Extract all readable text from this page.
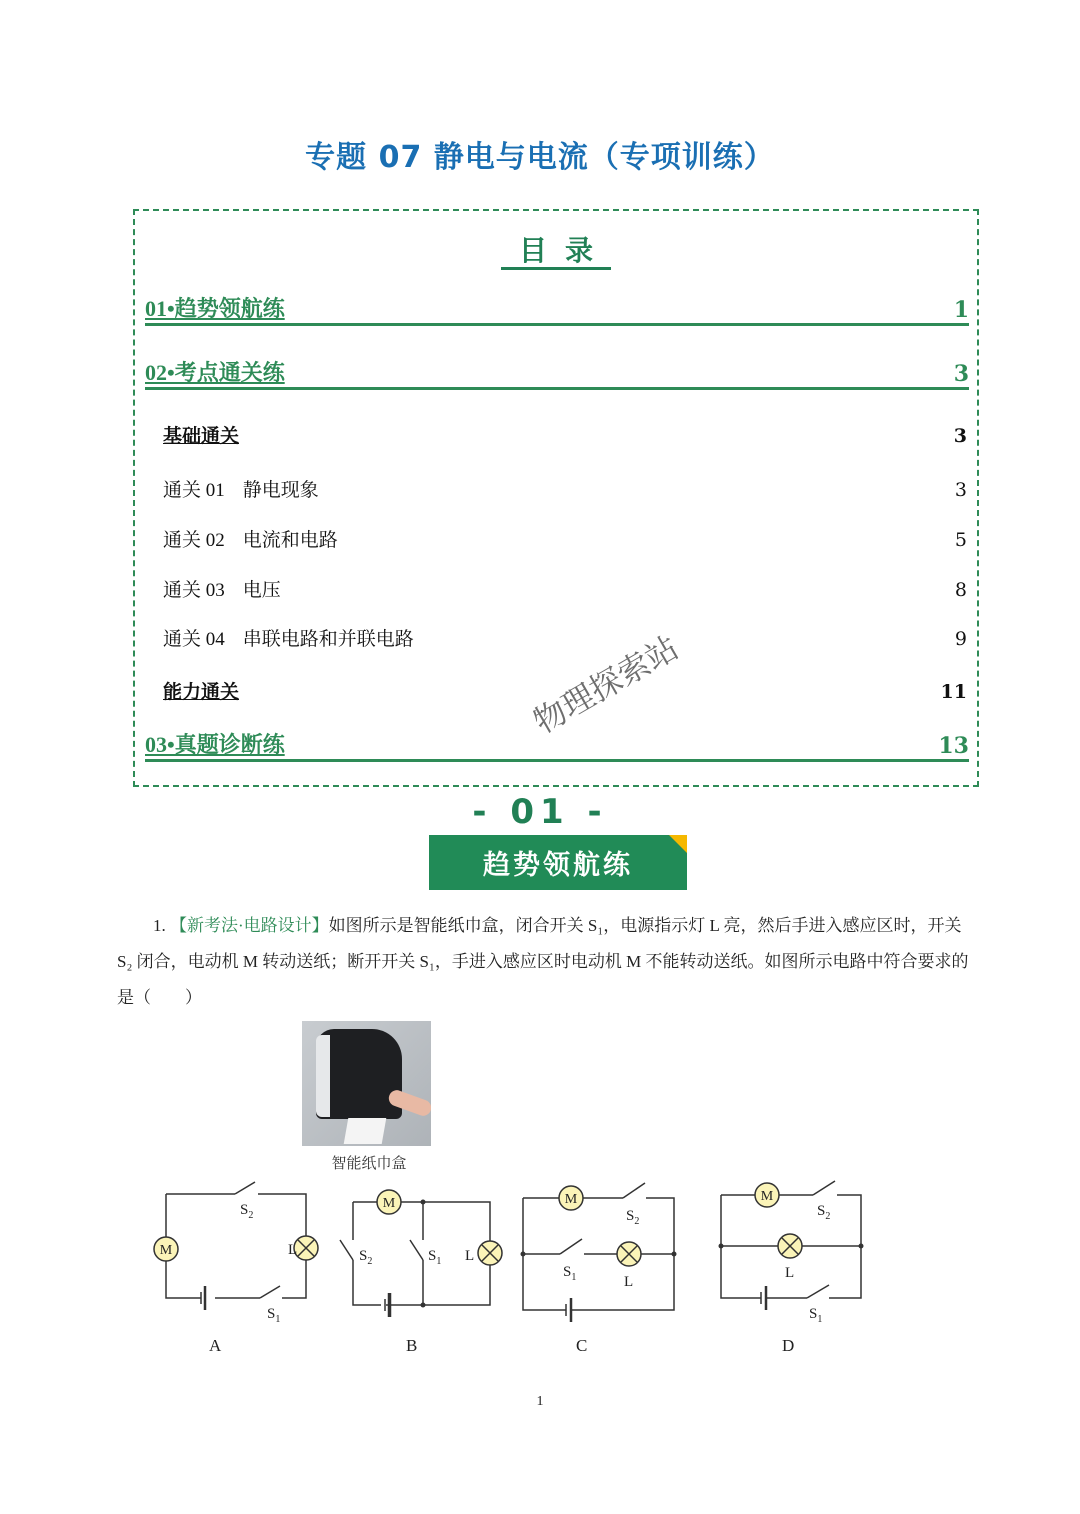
专题 07 静电与电流（专项训练）
目录
01•趋势领航练	1
02•考点通关练	3
基础通关	3
通关 01 静电现象	3
通关 02 电流和电路	5
通关 03 电压	8
通关 04 串联电路和并联电路	9
能力通关	11
03•真题诊断练	13
物理探索站
- 01 -
趋势领航练
1. 【新考法·电路设计】如图所示是智能纸巾盒，闭合开关 S₁，电源指示灯 L 亮，然后手进入感应区时，开关 S₂ 闭合，电动机 M 转动送纸；断开开关 S₁，手进入感应区时电动机 M 不能转动送纸。如图所示电路中符合要求的是（　　）
智能纸巾盒
M	L
$S_2$
$S_1$
M
L
$S_2$	$S_1$
M
L
$S_2$
$S_1$
M
L
$S_2$
$S_1$
A	B	C	D
1
